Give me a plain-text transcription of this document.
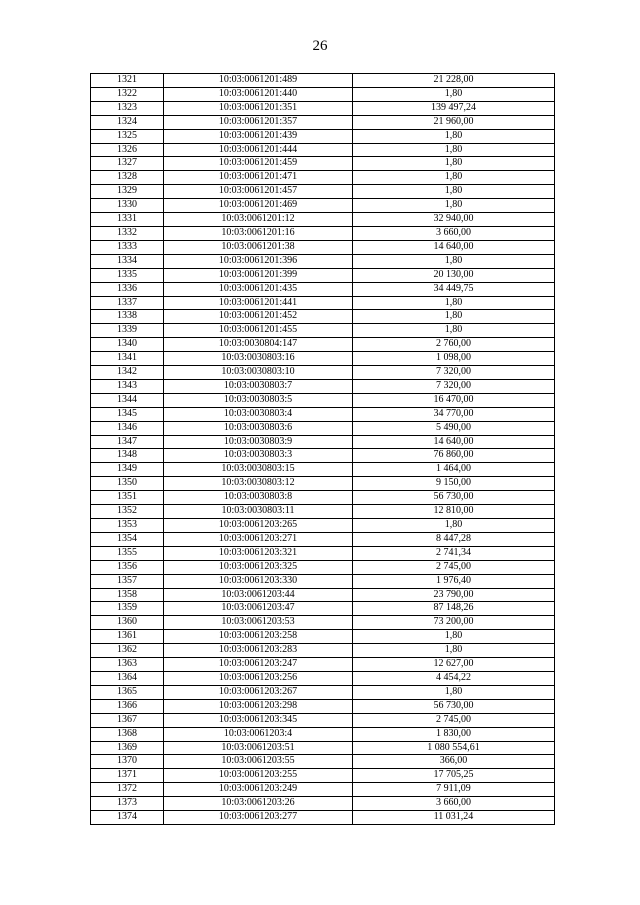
26
1321	10:03:0061201:489	21 228,00
1322	10:03:0061201:440	1,80
1323	10:03:0061201:351	139 497,24
1324	10:03:0061201:357	21 960,00
1325	10:03:0061201:439	1,80
1326	10:03:0061201:444	1,80
1327	10:03:0061201:459	1,80
1328	10:03:0061201:471	1,80
1329	10:03:0061201:457	1,80
1330	10:03:0061201:469	1,80
1331	10:03:0061201:12	32 940,00
1332	10:03:0061201:16	3 660,00
1333	10:03:0061201:38	14 640,00
1334	10:03:0061201:396	1,80
1335	10:03:0061201:399	20 130,00
1336	10:03:0061201:435	34 449,75
1337	10:03:0061201:441	1,80
1338	10:03:0061201:452	1,80
1339	10:03:0061201:455	1,80
1340	10:03:0030804:147	2 760,00
1341	10:03:0030803:16	1 098,00
1342	10:03:0030803:10	7 320,00
1343	10:03:0030803:7	7 320,00
1344	10:03:0030803:5	16 470,00
1345	10:03:0030803:4	34 770,00
1346	10:03:0030803:6	5 490,00
1347	10:03:0030803:9	14 640,00
1348	10:03:0030803:3	76 860,00
1349	10:03:0030803:15	1 464,00
1350	10:03:0030803:12	9 150,00
1351	10:03:0030803:8	56 730,00
1352	10:03:0030803:11	12 810,00
1353	10:03:0061203:265	1,80
1354	10:03:0061203:271	8 447,28
1355	10:03:0061203:321	2 741,34
1356	10:03:0061203:325	2 745,00
1357	10:03:0061203:330	1 976,40
1358	10:03:0061203:44	23 790,00
1359	10:03:0061203:47	87 148,26
1360	10:03:0061203:53	73 200,00
1361	10:03:0061203:258	1,80
1362	10:03:0061203:283	1,80
1363	10:03:0061203:247	12 627,00
1364	10:03:0061203:256	4 454,22
1365	10:03:0061203:267	1,80
1366	10:03:0061203:298	56 730,00
1367	10:03:0061203:345	2 745,00
1368	10:03:0061203:4	1 830,00
1369	10:03:0061203:51	1 080 554,61
1370	10:03:0061203:55	366,00
1371	10:03:0061203:255	17 705,25
1372	10:03:0061203:249	7 911,09
1373	10:03:0061203:26	3 660,00
1374	10:03:0061203:277	11 031,24
